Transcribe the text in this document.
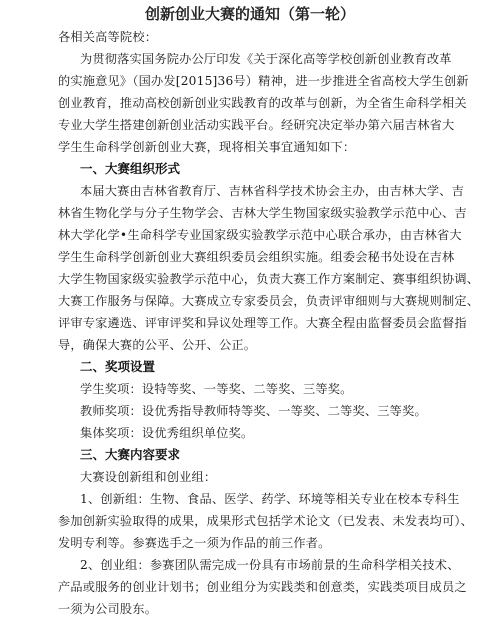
创新创业大赛的通知（第一轮）
各相关高等院校：
为贯彻落实国务院办公厅印发《关于深化高等学校创新创业教育改革
的实施意见》（国办发[2015]36号）精神，进一步推进全省高校大学生创新
创业教育，推动高校创新创业实践教育的改革与创新，为全省生命科学相关
专业大学生搭建创新创业活动实践平台。经研究决定举办第六届吉林省大
学生生命科学创新创业大赛，现将相关事宜通知如下：
一、大赛组织形式
本届大赛由吉林省教育厅、吉林省科学技术协会主办，由吉林大学、吉
林省生物化学与分子生物学会、吉林大学生物国家级实验教学示范中心、吉
林大学化学•生命科学专业国家级实验教学示范中心联合承办，由吉林省大
学生生命科学创新创业大赛组织委员会组织实施。组委会秘书处设在吉林
大学生物国家级实验教学示范中心，负责大赛工作方案制定、赛事组织协调、
大赛工作服务与保障。大赛成立专家委员会，负责评审细则与大赛规则制定、
评审专家遴选、评审评奖和异议处理等工作。大赛全程由监督委员会监督指
导，确保大赛的公平、公开、公正。
二、奖项设置
学生奖项：设特等奖、一等奖、二等奖、三等奖。
教师奖项：设优秀指导教师特等奖、一等奖、二等奖、三等奖。
集体奖项：设优秀组织单位奖。
三、大赛内容要求
大赛设创新组和创业组：
1、创新组：生物、食品、医学、药学、环境等相关专业在校本专科生
参加创新实验取得的成果，成果形式包括学术论文（已发表、未发表均可）、
发明专利等。参赛选手之一须为作品的前三作者。
2、创业组：参赛团队需完成一份具有市场前景的生命科学相关技术、
产品或服务的创业计划书；创业组分为实践类和创意类，实践类项目成员之
一须为公司股东。
